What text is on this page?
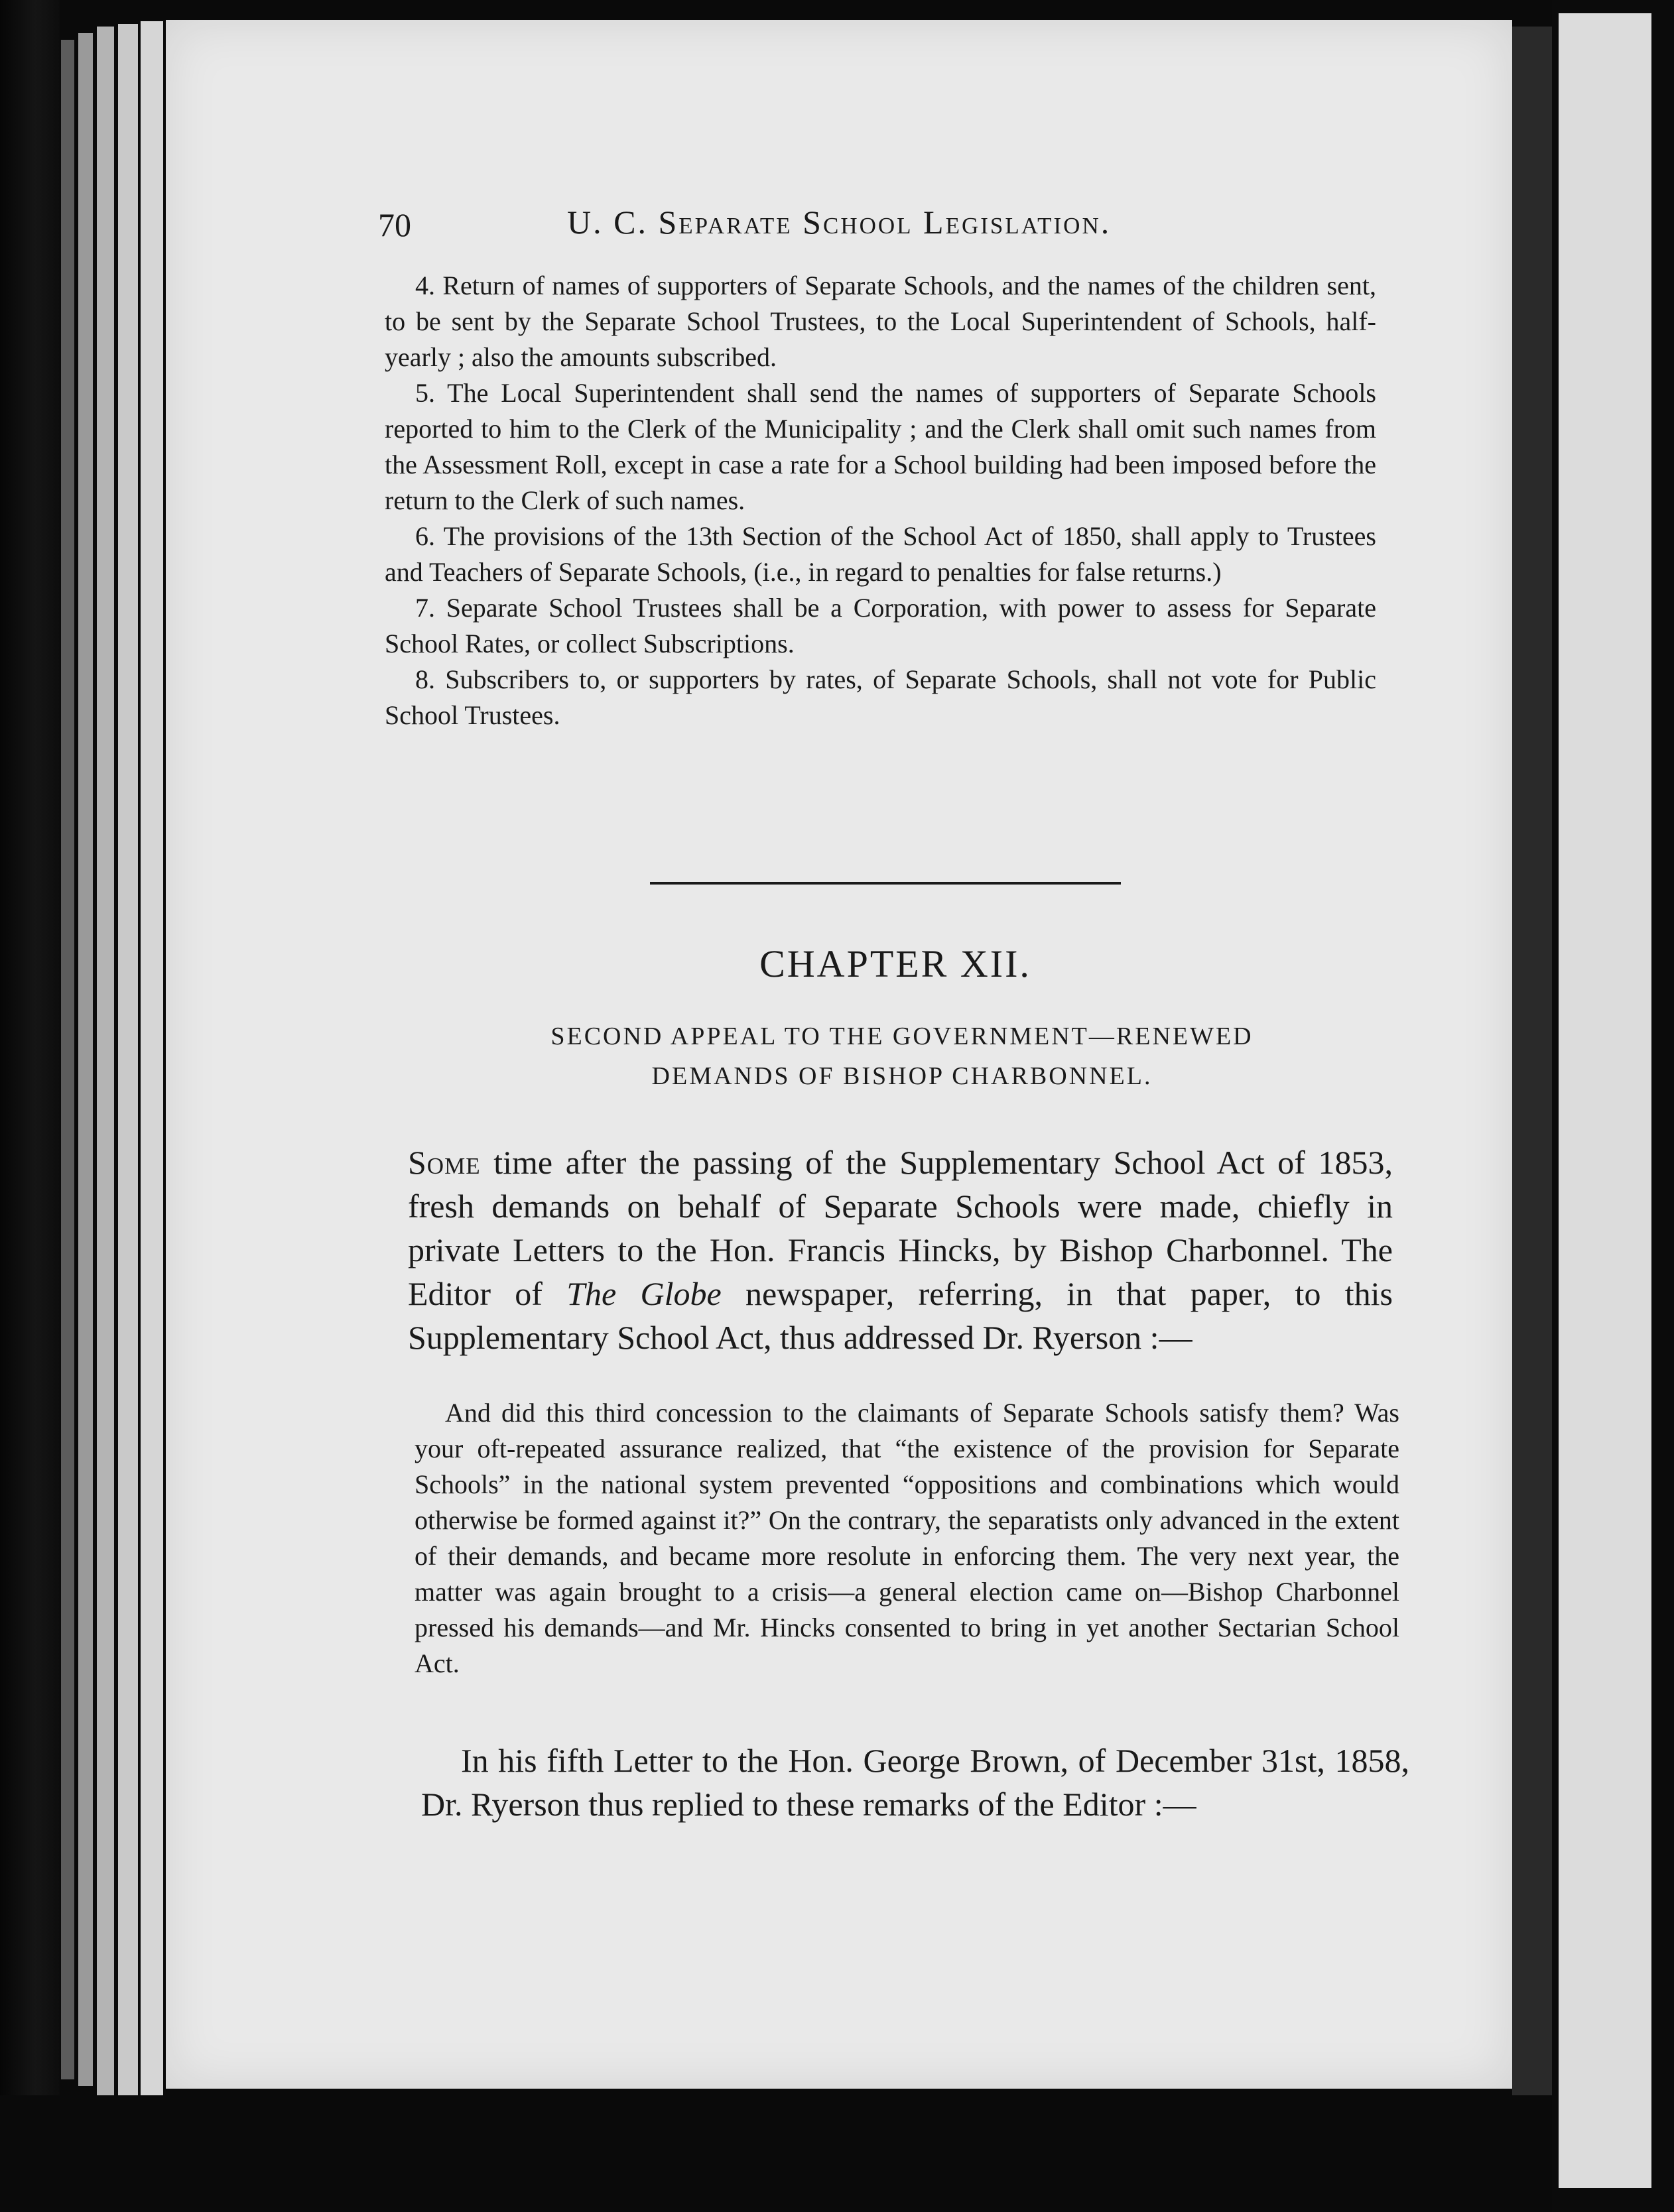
70	U. C. Separate School Legislation.

4. Return of names of supporters of Separate Schools, and the names of the children sent, to be sent by the Separate School Trustees, to the Local Superintendent of Schools, half-yearly ; also the amounts subscribed.

5. The Local Superintendent shall send the names of supporters of Separate Schools reported to him to the Clerk of the Municipality ; and the Clerk shall omit such names from the Assessment Roll, except in case a rate for a School building had been imposed before the return to the Clerk of such names.

6. The provisions of the 13th Section of the School Act of 1850, shall apply to Trustees and Teachers of Separate Schools, (i.e., in regard to penalties for false returns.)

7. Separate School Trustees shall be a Corporation, with power to assess for Separate School Rates, or collect Subscriptions.

8. Subscribers to, or supporters by rates, of Separate Schools, shall not vote for Public School Trustees.

CHAPTER XII.
SECOND APPEAL TO THE GOVERNMENT—RENEWED
DEMANDS OF BISHOP CHARBONNEL.

Some time after the passing of the Supplementary School Act of 1853, fresh demands on behalf of Separate Schools were made, chiefly in private Letters to the Hon. Francis Hincks, by Bishop Charbonnel. The Editor of The Globe newspaper, referring, in that paper, to this Supplementary School Act, thus addressed Dr. Ryerson :—

And did this third concession to the claimants of Separate Schools satisfy them? Was your oft-repeated assurance realized, that “the existence of the provision for Separate Schools” in the national system prevented “oppositions and combinations which would otherwise be formed against it?” On the contrary, the separatists only advanced in the extent of their demands, and became more resolute in enforcing them. The very next year, the matter was again brought to a crisis—a general election came on—Bishop Charbonnel pressed his demands—and Mr. Hincks consented to bring in yet another Sectarian School Act.

In his fifth Letter to the Hon. George Brown, of December 31st, 1858, Dr. Ryerson thus replied to these remarks of the Editor :—
